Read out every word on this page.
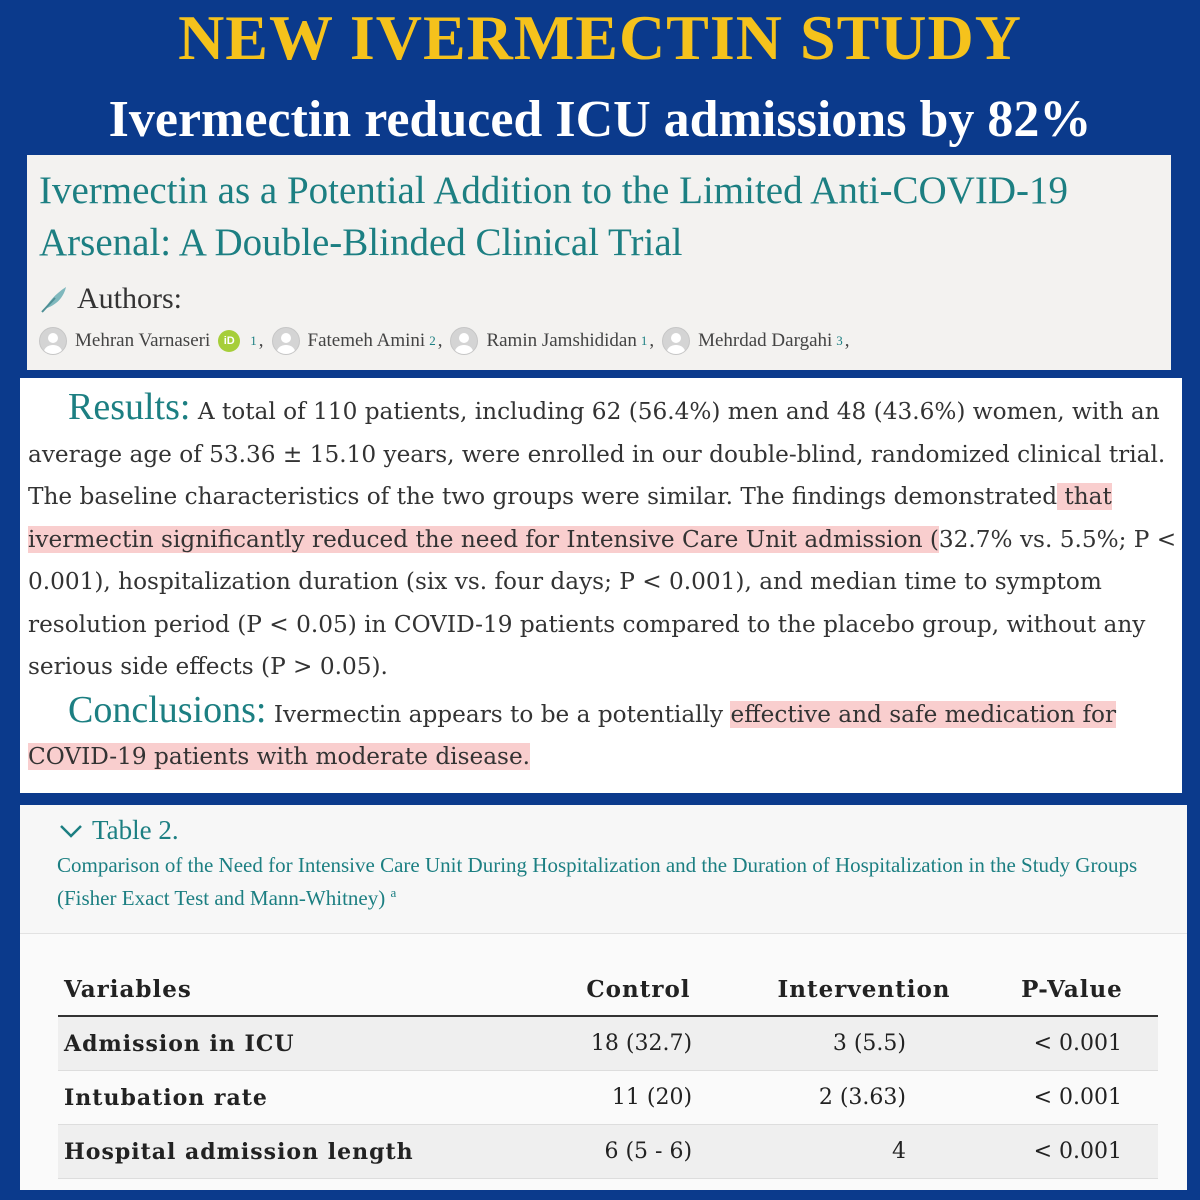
NEW IVERMECTIN STUDY
Ivermectin reduced ICU admissions by 82%
Ivermectin as a Potential Addition to the Limited Anti-COVID-19 Arsenal: A Double-Blinded Clinical Trial
Authors:
Mehran Varnaseri	iD	1 , Fatemeh Amini 2 , Ramin Jamshididan 1 , Mehrdad Dargahi 3 ,

Results: A total of 110 patients, including 62 (56.4%) men and 48 (43.6%) women, with an average age of 53.36 ± 15.10 years, were enrolled in our double-blind, randomized clinical trial. The baseline characteristics of the two groups were similar. The findings demonstrated that ivermectin significantly reduced the need for Intensive Care Unit admission (32.7% vs. 5.5%; P < 0.001), hospitalization duration (six vs. four days; P < 0.001), and median time to symptom resolution period (P < 0.05) in COVID-19 patients compared to the placebo group, without any serious side effects (P > 0.05).

Conclusions: Ivermectin appears to be a potentially effective and safe medication for COVID-19 patients with moderate disease.

Table 2.
Comparison of the Need for Intensive Care Unit During Hospitalization and the Duration of Hospitalization in the Study Groups (Fisher Exact Test and Mann-Whitney) $^a$
Variables	Control	Intervention	P-Value
Admission in ICU	18 (32.7)	3 (5.5)	< 0.001
Intubation rate	11 (20)	2 (3.63)	< 0.001
Hospital admission length	6 (5 - 6)	4	< 0.001
